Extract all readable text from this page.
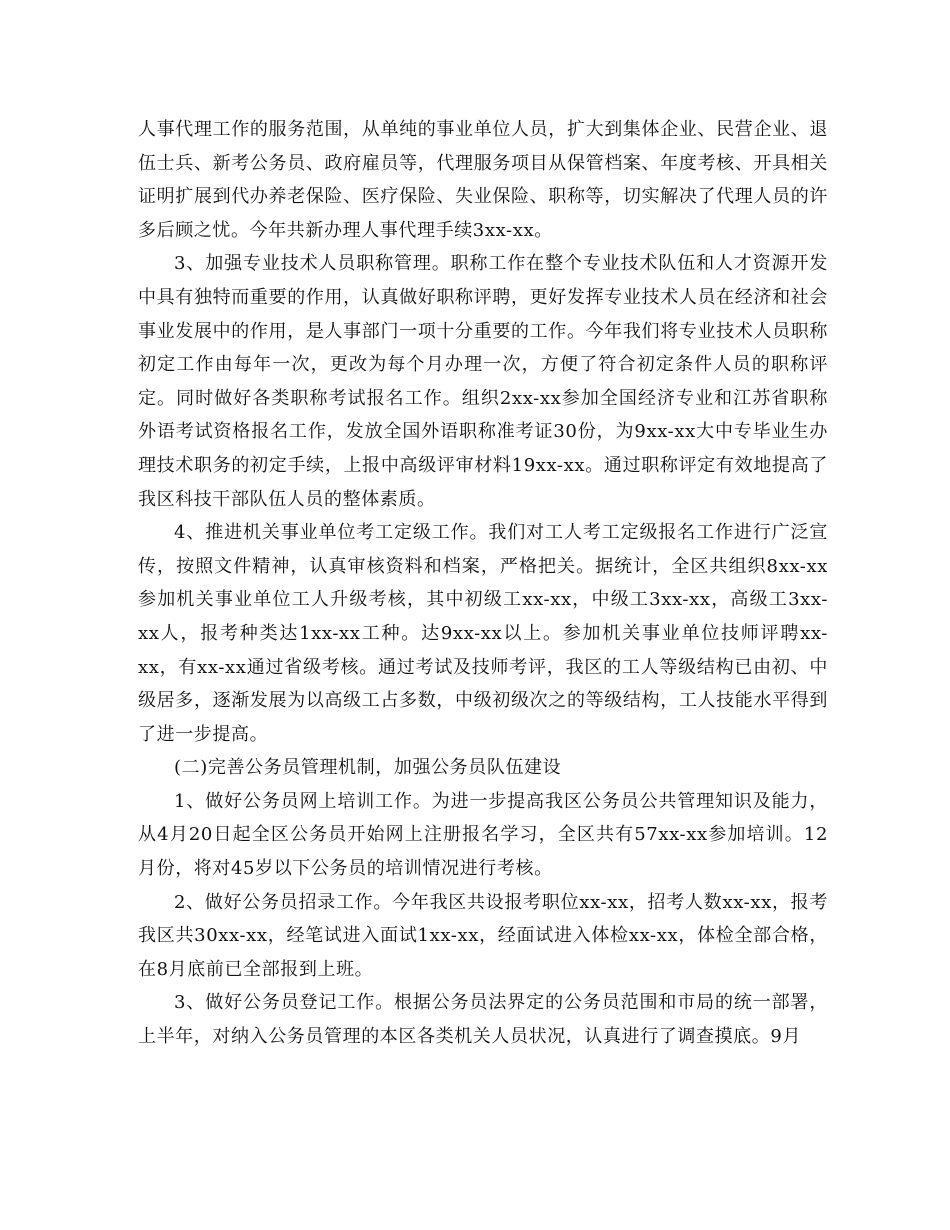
人事代理工作的服务范围，从单纯的事业单位人员，扩大到集体企业、民营企业、退伍士兵、新考公务员、政府雇员等，代理服务项目从保管档案、年度考核、开具相关证明扩展到代办养老保险、医疗保险、失业保险、职称等，切实解决了代理人员的许多后顾之忧。今年共新办理人事代理手续3xx-xx。

3、加强专业技术人员职称管理。职称工作在整个专业技术队伍和人才资源开发中具有独特而重要的作用，认真做好职称评聘，更好发挥专业技术人员在经济和社会事业发展中的作用，是人事部门一项十分重要的工作。今年我们将专业技术人员职称初定工作由每年一次，更改为每个月办理一次，方便了符合初定条件人员的职称评定。同时做好各类职称考试报名工作。组织2xx-xx参加全国经济专业和江苏省职称外语考试资格报名工作，发放全国外语职称准考证30份，为9xx-xx大中专毕业生办理技术职务的初定手续，上报中高级评审材料19xx-xx。通过职称评定有效地提高了我区科技干部队伍人员的整体素质。

4、推进机关事业单位考工定级工作。我们对工人考工定级报名工作进行广泛宣传，按照文件精神，认真审核资料和档案，严格把关。据统计，全区共组织8xx-xx参加机关事业单位工人升级考核，其中初级工xx-xx，中级工3xx-xx，高级工3xx-xx人，报考种类达1xx-xx工种。达9xx-xx以上。参加机关事业单位技师评聘xx-xx，有xx-xx通过省级考核。通过考试及技师考评，我区的工人等级结构已由初、中级居多，逐渐发展为以高级工占多数，中级初级次之的等级结构，工人技能水平得到了进一步提高。

(二)完善公务员管理机制，加强公务员队伍建设

1、做好公务员网上培训工作。为进一步提高我区公务员公共管理知识及能力，从4月20日起全区公务员开始网上注册报名学习，全区共有57xx-xx参加培训。12月份，将对45岁以下公务员的培训情况进行考核。

2、做好公务员招录工作。今年我区共设报考职位xx-xx，招考人数xx-xx，报考我区共30xx-xx，经笔试进入面试1xx-xx，经面试进入体检xx-xx，体检全部合格，在8月底前已全部报到上班。

3、做好公务员登记工作。根据公务员法界定的公务员范围和市局的统一部署，上半年，对纳入公务员管理的本区各类机关人员状况，认真进行了调查摸底。9月
